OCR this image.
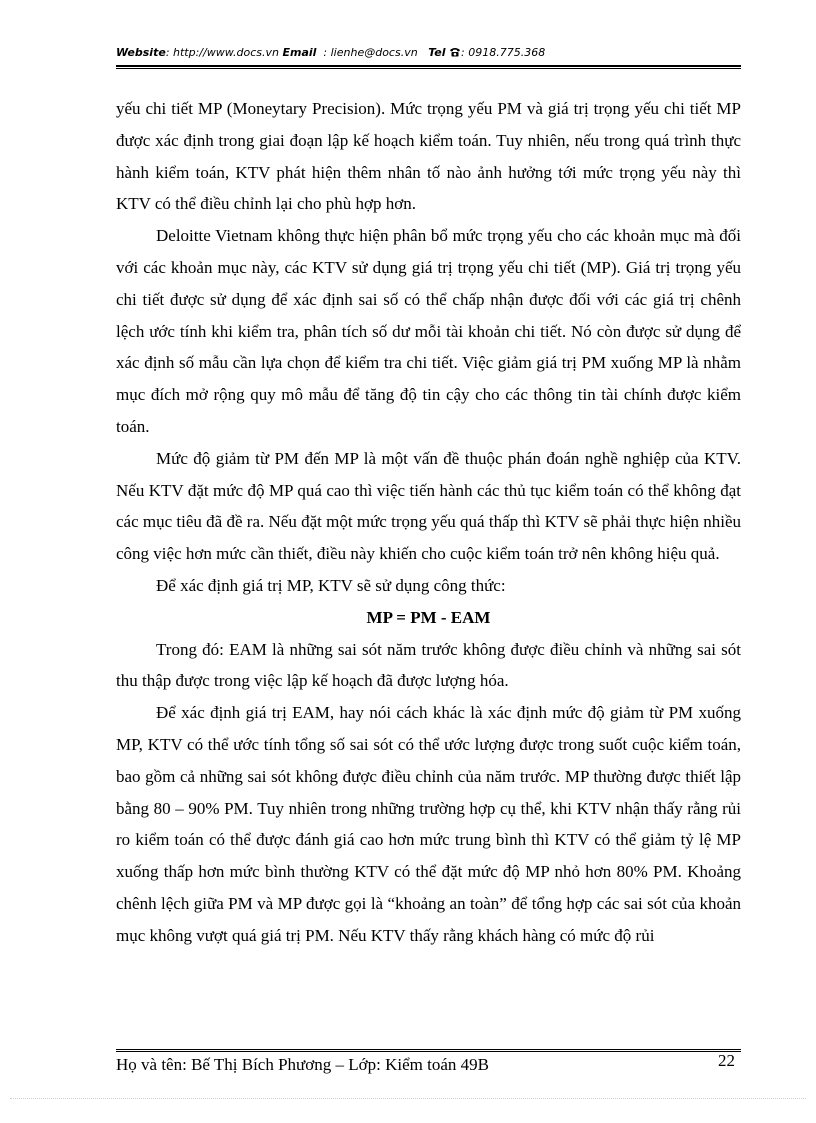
Website: http://www.docs.vn Email : lienhe@docs.vn Tel : 0918.775.368

yếu chi tiết MP (Moneytary Precision). Mức trọng yếu PM và giá trị trọng yếu chi tiết MP được xác định trong giai đoạn lập kế hoạch kiểm toán. Tuy nhiên, nếu trong quá trình thực hành kiểm toán, KTV phát hiện thêm nhân tố nào ảnh hưởng tới mức trọng yếu này thì KTV có thể điều chỉnh lại cho phù hợp hơn.

Deloitte Vietnam không thực hiện phân bổ mức trọng yếu cho các khoản mục mà đối với các khoản mục này, các KTV sử dụng giá trị trọng yếu chi tiết (MP). Giá trị trọng yếu chi tiết được sử dụng để xác định sai số có thể chấp nhận được đối với các giá trị chênh lệch ước tính khi kiểm tra, phân tích số dư mỗi tài khoản chi tiết. Nó còn được sử dụng để xác định số mẫu cần lựa chọn để kiểm tra chi tiết. Việc giảm giá trị PM xuống MP là nhằm mục đích mở rộng quy mô mẫu để tăng độ tin cậy cho các thông tin tài chính được kiểm toán.

Mức độ giảm từ PM đến MP là một vấn đề thuộc phán đoán nghề nghiệp của KTV. Nếu KTV đặt mức độ MP quá cao thì việc tiến hành các thủ tục kiểm toán có thể không đạt các mục tiêu đã đề ra. Nếu đặt một mức trọng yếu quá thấp thì KTV sẽ phải thực hiện nhiều công việc hơn mức cần thiết, điều này khiến cho cuộc kiểm toán trở nên không hiệu quả.

Để xác định giá trị MP, KTV sẽ sử dụng công thức:

MP = PM - EAM

Trong đó: EAM là những sai sót năm trước không được điều chỉnh và những sai sót thu thập được trong việc lập kế hoạch đã được lượng hóa.

Để xác định giá trị EAM, hay nói cách khác là xác định mức độ giảm từ PM xuống MP, KTV có thể ước tính tổng số sai sót có thể ước lượng được trong suốt cuộc kiểm toán, bao gồm cả những sai sót không được điều chỉnh của năm trước. MP thường được thiết lập bằng 80 – 90% PM. Tuy nhiên trong những trường hợp cụ thể, khi KTV nhận thấy rằng rủi ro kiểm toán có thể được đánh giá cao hơn mức trung bình thì KTV có thể giảm tỷ lệ MP xuống thấp hơn mức bình thường KTV có thể đặt mức độ MP nhỏ hơn 80% PM. Khoảng chênh lệch giữa PM và MP được gọi là “khoảng an toàn” để tổng hợp các sai sót của khoản mục không vượt quá giá trị PM. Nếu KTV thấy rằng khách hàng có mức độ rủi

Họ và tên: Bế Thị Bích Phương – Lớp: Kiểm toán 49B	22
